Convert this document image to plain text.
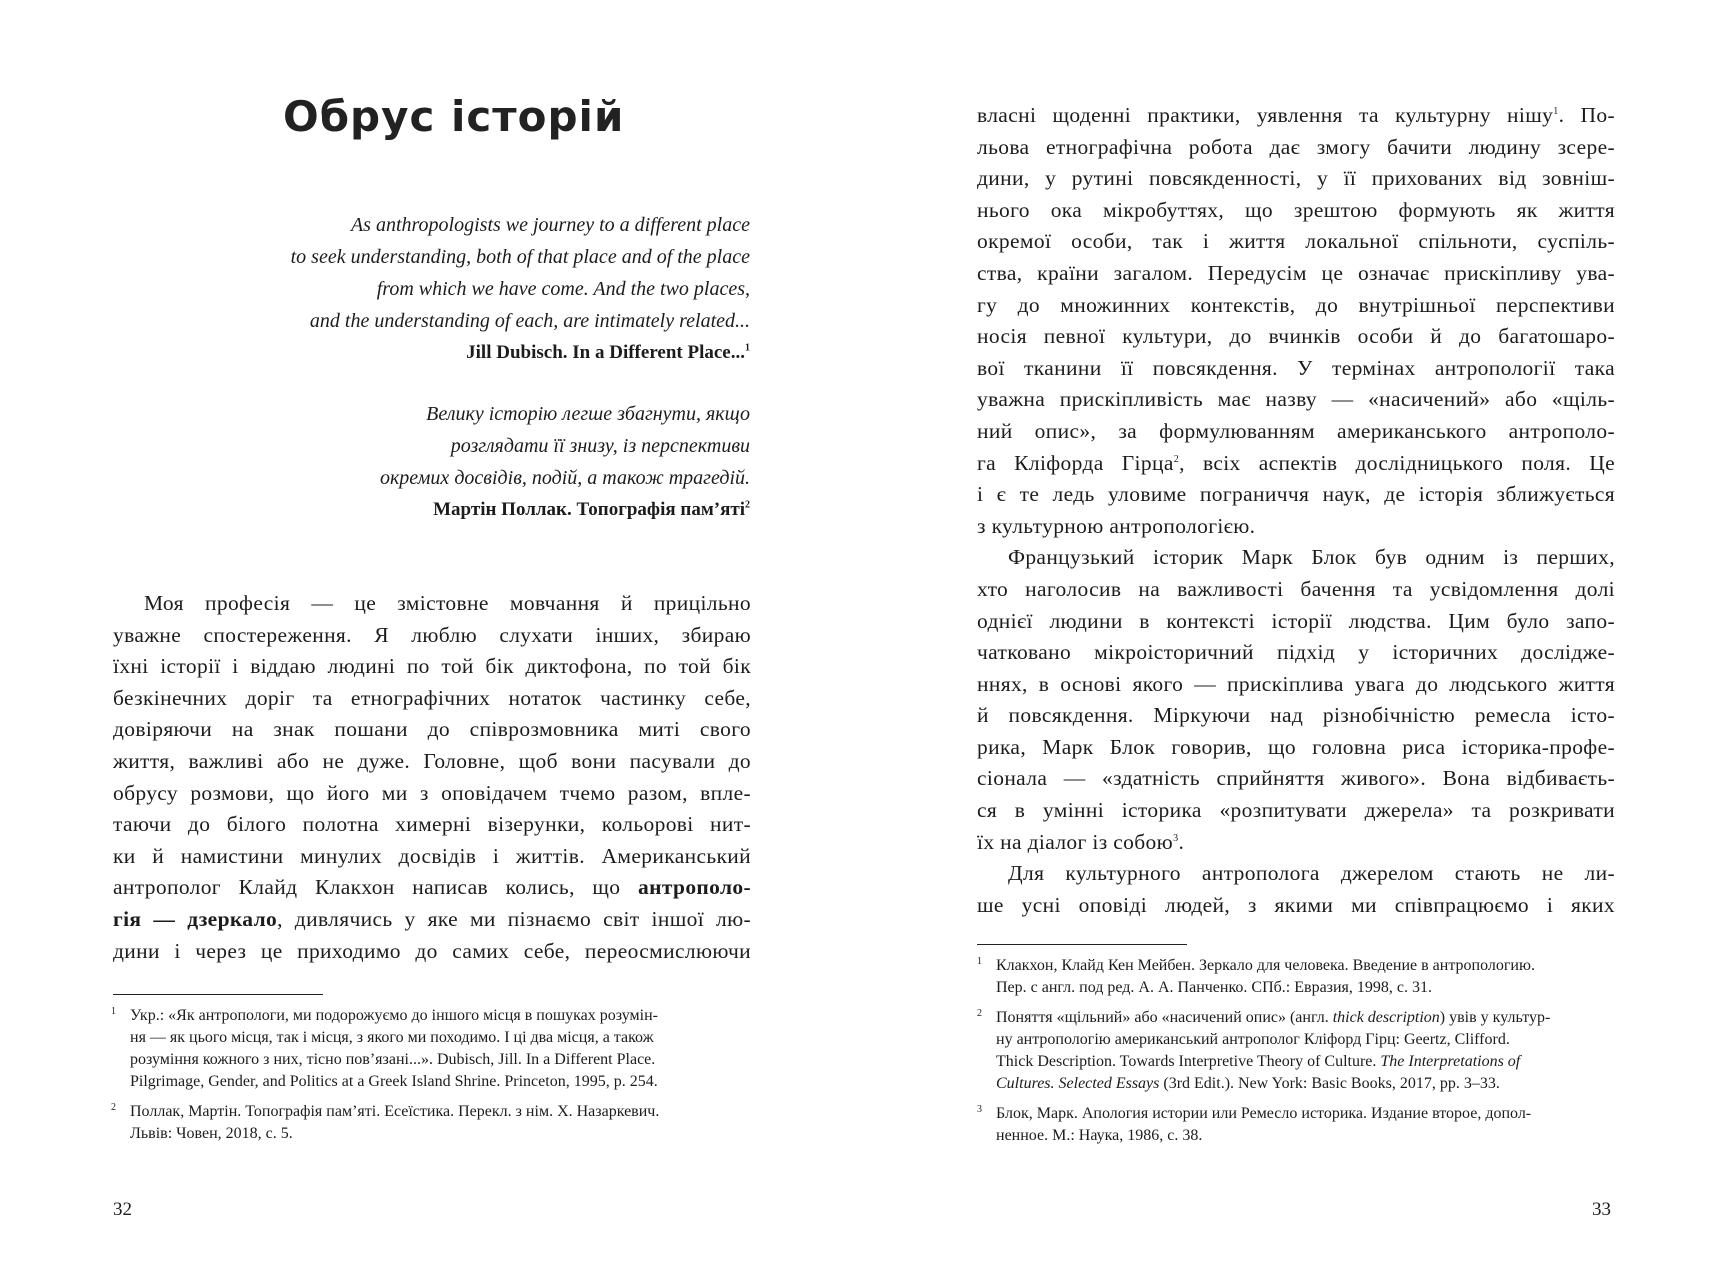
Обрус історій
As anthropologists we journey to a different place
to seek understanding, both of that place and of the place
from which we have come. And the two places,
and the understanding of each, are intimately related...
Jill Dubisch. In a Different Place...$^1$
Велику історію легше збагнути, якщо
розглядати її знизу, із перспективи
окремих досвідів, подій, а також трагедій.
Мартін Поллак. Топографія пам’яті$^2$
Моя професія — це змістовне мовчання й прицільно
уважне спостереження. Я люблю слухати інших, збираю
їхні історії і віддаю людині по той бік диктофона, по той бік
безкінечних доріг та етнографічних нотаток частинку себе,
довіряючи на знак пошани до співрозмовника миті свого
життя, важливі або не дуже. Головне, щоб вони пасували до
обрусу розмови, що його ми з оповідачем тчемо разом, впле-
таючи до білого полотна химерні візерунки, кольорові нит-
ки й намистини минулих досвідів і життів. Американський
антрополог Клайд Клакхон написав колись, що антрополо-
гія — дзеркало, дивлячись у яке ми пізнаємо світ іншої лю-
дини і через це приходимо до самих себе, переосмислюючи
1 Укр.: «Як антропологи, ми подорожуємо до іншого місця в пошуках розумін-
ня — як цього місця, так і місця, з якого ми походимо. І ці два місця, а також
розуміння кожного з них, тісно пов’язані...». Dubisch, Jill. In a Different Place.
Pilgrimage, Gender, and Politics at a Greek Island Shrine. Princeton, 1995, p. 254.
2 Поллак, Мартін. Топографія пам’яті. Есеїстика. Перекл. з нім. Х. Назаркевич.
Львів: Човен, 2018, с. 5.
32
власні щоденні практики, уявлення та культурну нішу$^1$. По-
льова етнографічна робота дає змогу бачити людину зсере-
дини, у рутині повсякденності, у її прихованих від зовніш-
нього ока мікробуттях, що зрештою формують як життя
окремої особи, так і життя локальної спільноти, суспіль-
ства, країни загалом. Передусім це означає прискіпливу ува-
гу до множинних контекстів, до внутрішньої перспективи
носія певної культури, до вчинків особи й до багатошаро-
вої тканини її повсякдення. У термінах антропології така
уважна прискіпливість має назву — «насичений» або «щіль-
ний опис», за формулюванням американського антрополо-
га Кліфорда Гірца$^2$, всіх аспектів дослідницького поля. Це
і є те ледь уловиме пограниччя наук, де історія зближується
з культурною антропологією.
Французький історик Марк Блок був одним із перших,
хто наголосив на важливості бачення та усвідомлення долі
однієї людини в контексті історії людства. Цим було запо-
чатковано мікроісторичний підхід у історичних дослідже-
ннях, в основі якого — прискіплива увага до людського життя
й повсякдення. Міркуючи над різнобічністю ремесла істо-
рика, Марк Блок говорив, що головна риса історика-профе-
сіонала — «здатність сприйняття живого». Вона відбиваєть-
ся в умінні історика «розпитувати джерела» та розкривати
їх на діалог із собою$^3$.
Для культурного антрополога джерелом стають не ли-
ше усні оповіді людей, з якими ми співпрацюємо і яких
1 Клакхон, Клайд Кен Мейбен. Зеркало для человека. Введение в антропологию.
Пер. с англ. под ред. А. А. Панченко. СПб.: Евразия, 1998, с. 31.
2 Поняття «щільний» або «насичений опис» (англ. thick description) увів у культур-
ну антропологію американський антрополог Кліфорд Гірц: Geertz, Clifford.
Thick Description. Towards Interpretive Theory of Culture. The Interpretations of
Cultures. Selected Essays (3rd Edit.). New York: Basic Books, 2017, pp. 3–33.
3 Блок, Марк. Апология истории или Ремесло историка. Издание второе, допол-
ненное. М.: Наука, 1986, с. 38.
33
